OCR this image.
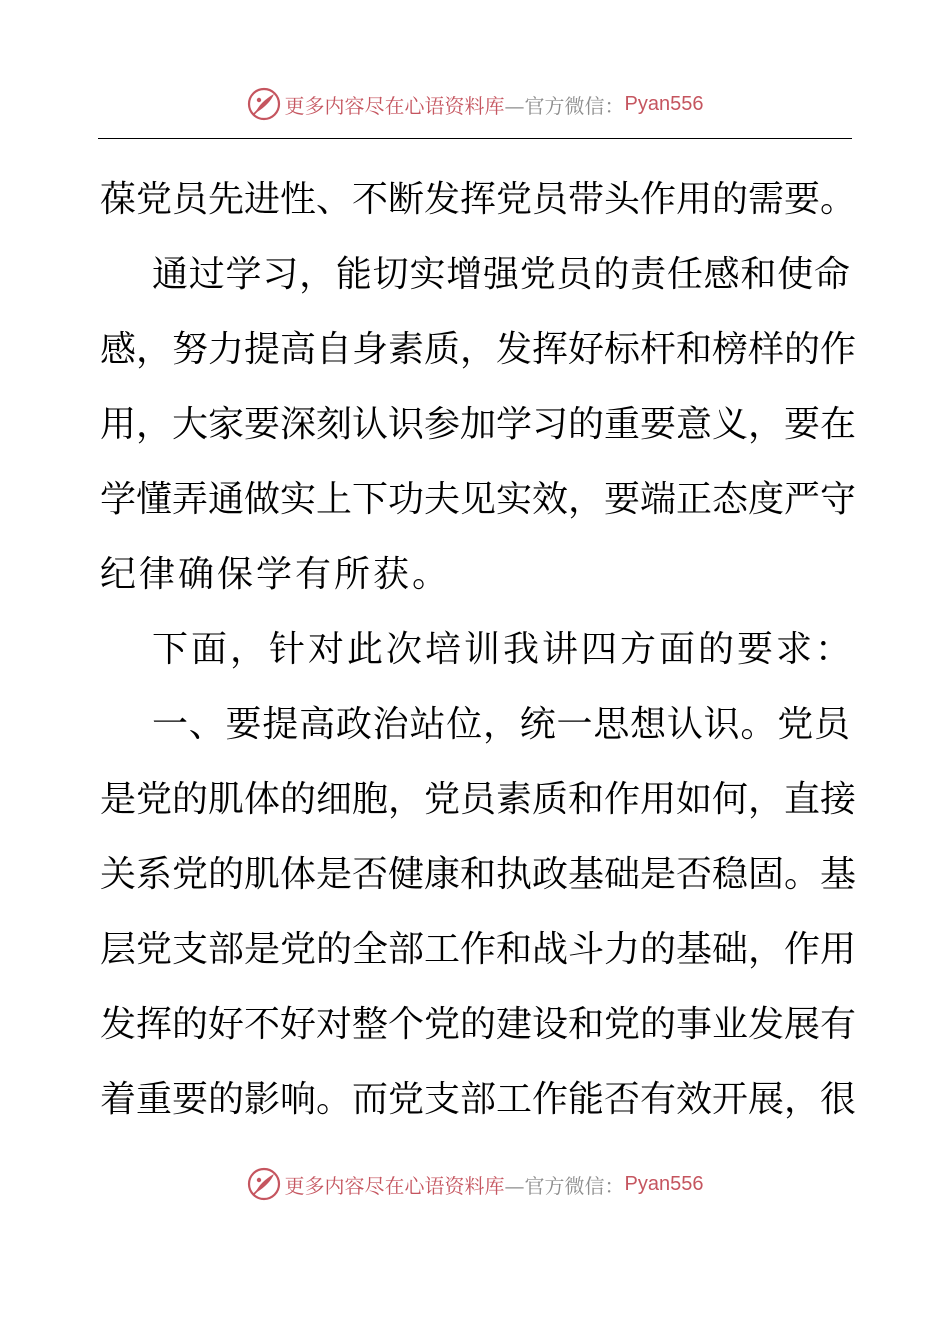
更多内容尽在心语资料库 —官方微信： Pyan556
葆党员先进性、不断发挥党员带头作用的需要。
通过学习，能切实增强党员的责任感和使命
感，努力提高自身素质，发挥好标杆和榜样的作
用，大家要深刻认识参加学习的重要意义，要在
学懂弄通做实上下功夫见实效，要端正态度严守
纪律确保学有所获。
下面，针对此次培训我讲四方面的要求：
一、要提高政治站位，统一思想认识。党员
是党的肌体的细胞，党员素质和作用如何，直接
关系党的肌体是否健康和执政基础是否稳固。基
层党支部是党的全部工作和战斗力的基础，作用
发挥的好不好对整个党的建设和党的事业发展有
着重要的影响。而党支部工作能否有效开展，很
更多内容尽在心语资料库 —官方微信： Pyan556
